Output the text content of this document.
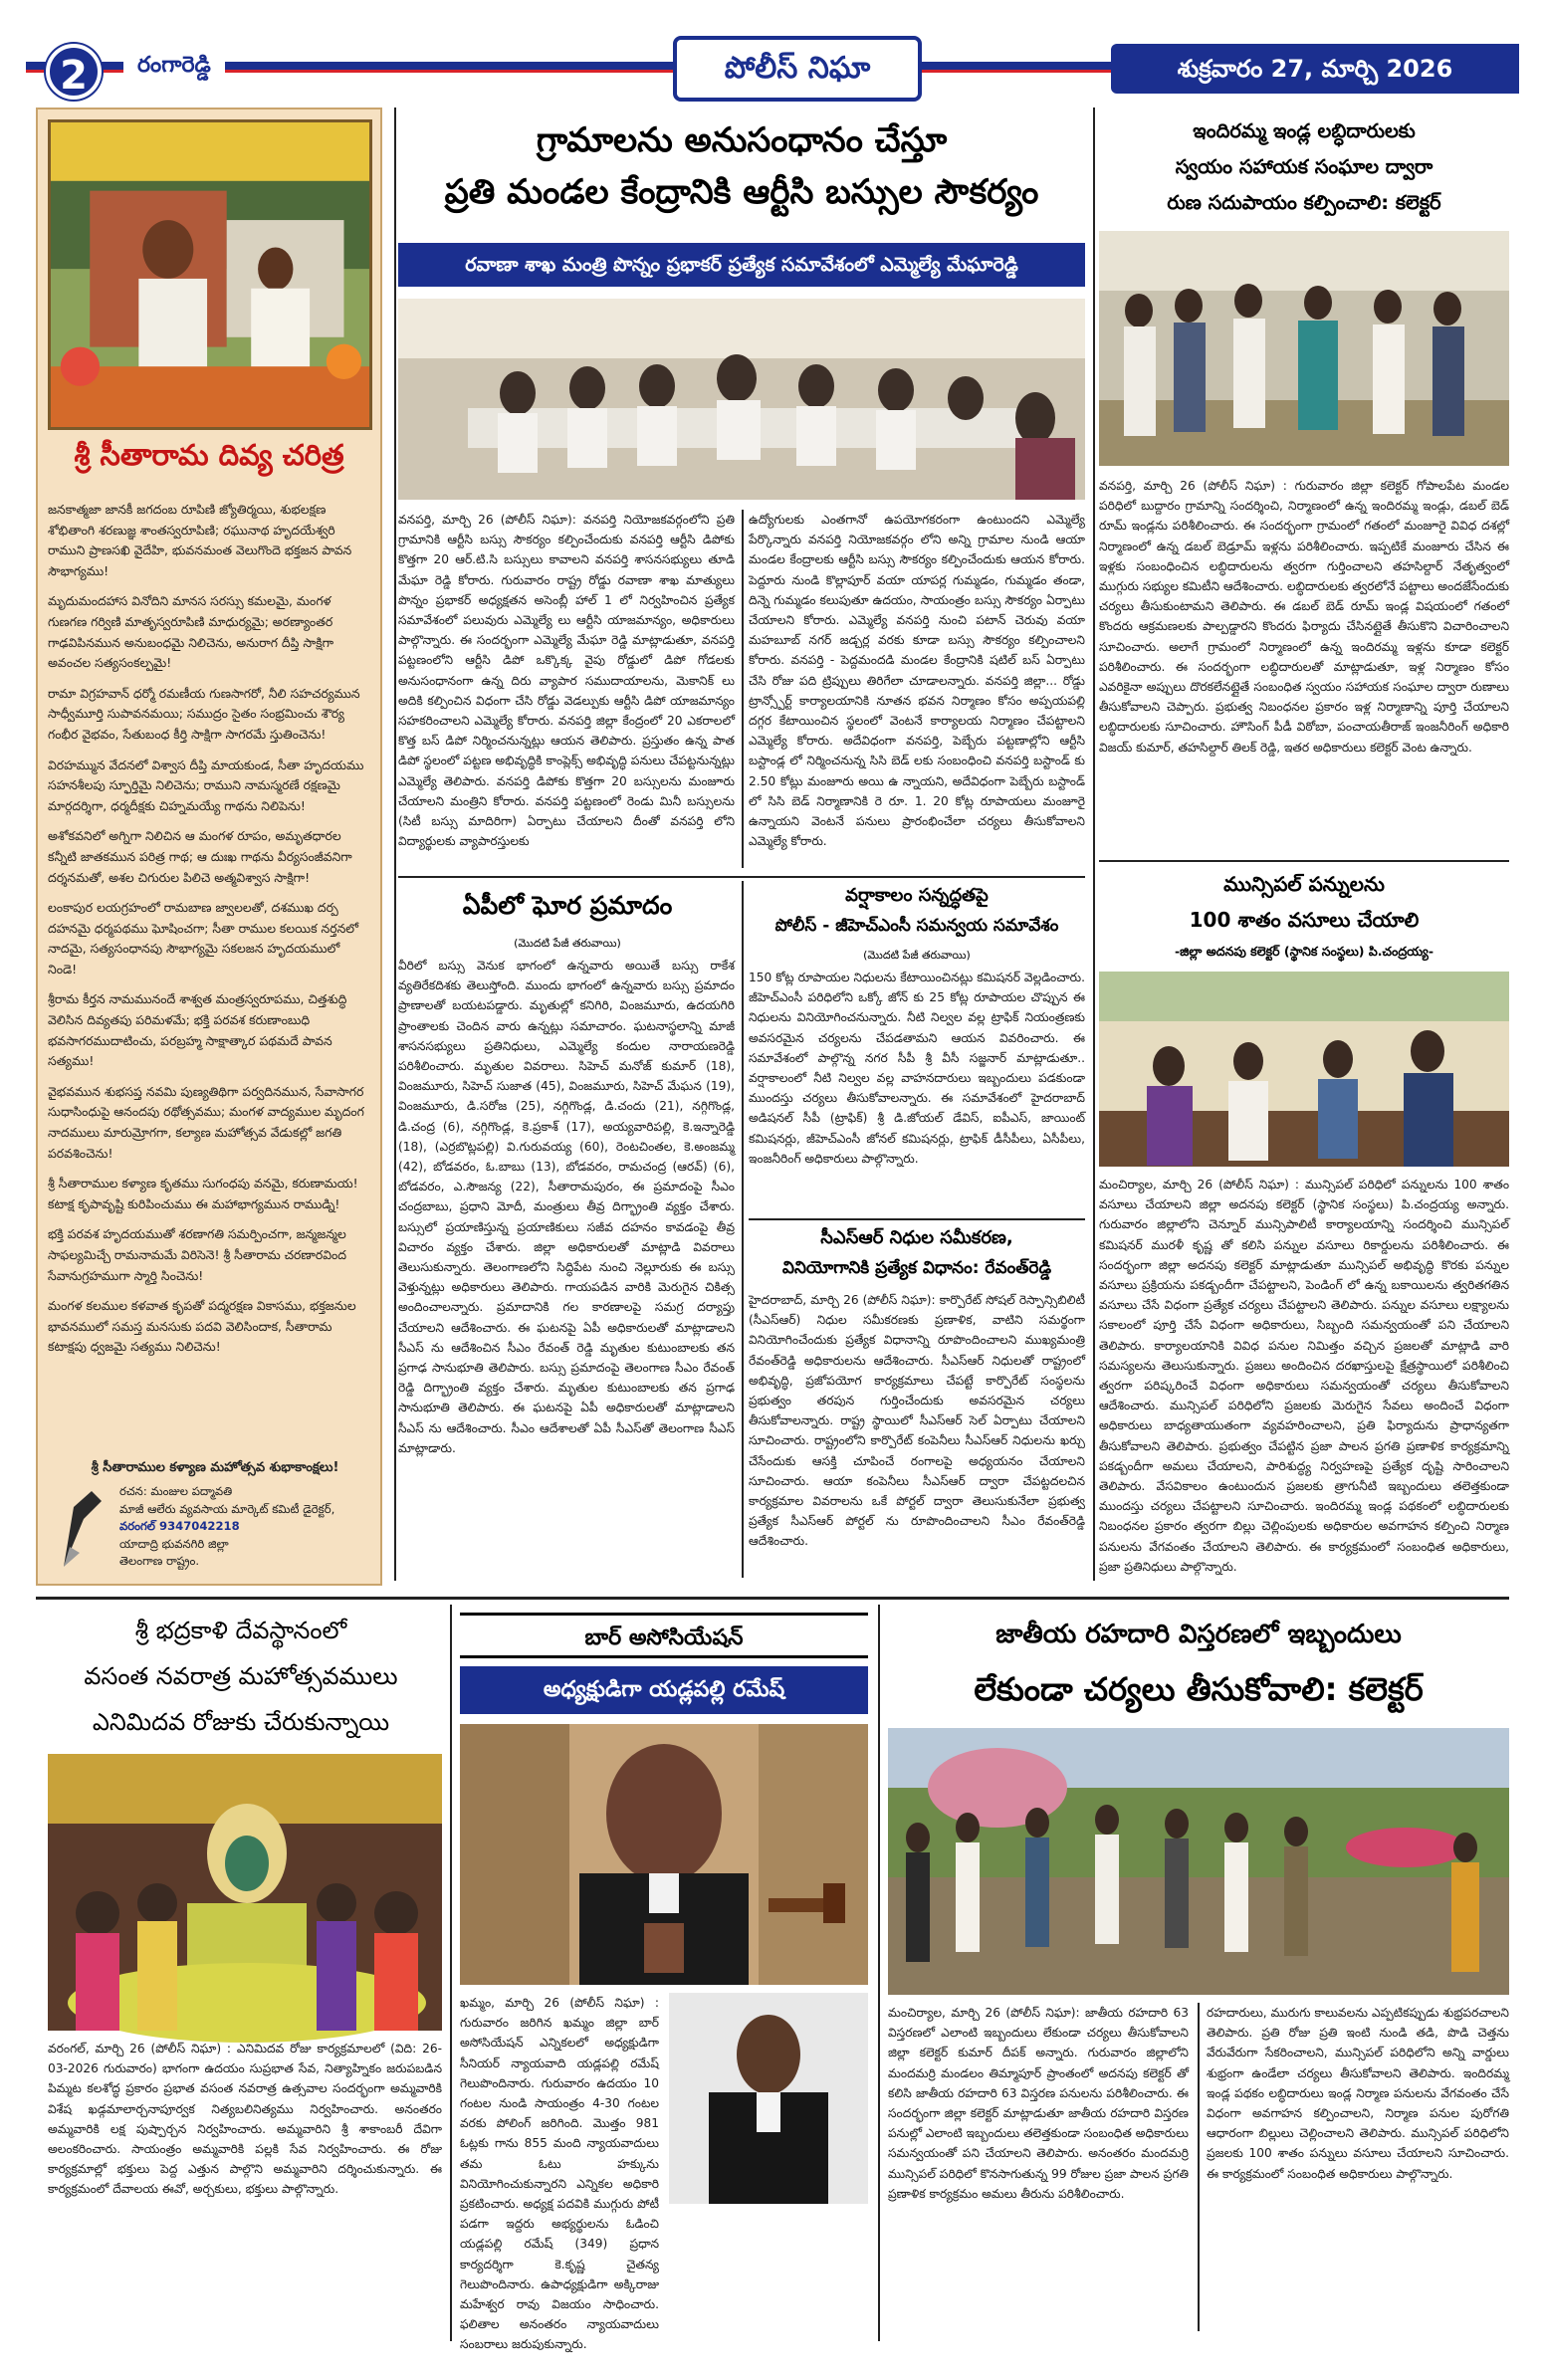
2	రంగారెడ్డి	పోలీస్ నిఘా	శుక్రవారం 27, మార్చి 2026
శ్రీ సీతారామ దివ్య చరిత్ర

జనకాత్మజా జానకీ జగదంబ రూపిణి జ్యోతిర్మయి, శుభలక్షణ శోభితాంగి శరణుజ్ఞ శాంతస్వరూపిణి; రఘునాథ హృదయేశ్వరి రాముని ప్రాణసఖి వైదేహి, భువనమంత వెలుగొందె భక్తజన పావన సౌభాగ్యము!

మృదుమందహాస వినోదిని మానస సరస్సు కమలమై, మంగళ గుణగణ గర్విణి మాతృస్వరూపిణి మాధుర్యమై; అరణ్యాంతర గాఢవిపినమున అనుబంధమై నిలిచెను, అనురాగ దీప్తి సాక్షిగా అవంచల సత్యసంకల్పమై!

రామా విగ్రహవాన్ ధర్మో రమణీయ గుణసాగరో, నీలి సహచర్యమున సాధ్వీమూర్తి సుపావనమయి; సముద్రం సైతం సంభ్రమించు శౌర్య గంభీర వైభవం, సేతుబంధ కీర్తి సాక్షిగా సాగరమే స్తుతించెను!

విరహమ్మున వేదనలో విశ్వాస దీప్తి మాయకుండ, సీతా హృదయము సహనశీలపు స్ఫూర్తిమై నిలిచెను; రాముని నామస్మరణే రక్షణమై మార్గదర్శిగా, ధర్మదీక్షకు చిహ్నమయ్యే గాథను నిలిపెను!

అశోకవనిలో అగ్నిగా నిలిచిన ఆ మంగళ రూపం, అమృతధారల కన్నీటి జాతకమున పరిత్ర గాథ; ఆ దుఃఖ గాథను వీర్యసంజీవనిగా దర్శనమతో, అశల చిగురుల పిలిచె అత్మవిశ్వాస సాక్షిగా!

లంకాపుర లయగ్రహంలో రామబాణ జ్వాలలతో, దశముఖ దర్ప దహనమై ధర్మపథము ఘోషించగా; సీతా రాముల కలయిక నర్తనలో నాదమై, సత్యసంధానపు సౌభాగ్యమై సకలజన హృదయములో నిండె!

శ్రీరామ కీర్తన నామమునందే శాశ్వత మంత్రస్వరూపము, చిత్తశుద్ధి వెలిసిన దివ్యతపు పరిమళమే; భక్తి పరవశ కరుణాంబుధి భవసాగరముదాటించు, పరబ్రహ్మ సాక్షాత్కార పథమదే పావన సత్యము!

వైభవమున శుభసప్త నవమి పుణ్యతిథిగా పర్వదినమున, సేవాసాగర సుధాసింధుపై ఆనందపు రథోత్సవము; మంగళ వాద్యముల మృదంగ నాదములు మారుమ్రోగగా, కల్యాణ మహోత్సవ వేడుకల్లో జగతి పరవశించెను!

శ్రీ సీతారాముల కళ్యాణ కృతము సుగంధపు వనమై, కరుణామయ! కటాక్ష కృపావృష్టి కురిపించుము ఈ మహాభాగ్యమున రాముడ్ని!

భక్తి పరవశ హృదయముతో శరణాగతి సమర్పించగా, జన్మజన్మల సాఫల్యమిచ్చే రామనామమే విరిసెనె! శ్రీ సీతారామ చరణారవింద సేవానుగ్రహముగా స్మార్తి సించెను!

మంగళ కలముల కళవాత కృపతో పద్మరక్షణ వికాసము, భక్తజనుల భావనములో సమస్త మనసుకు పదవి వెలిసిందాక, సీతారామ కటాక్షపు ధ్వజమై సత్యము నిలిచెను!

శ్రీ సీతారాముల కళ్యాణ మహోత్సవ శుభాకాంక్షలు!
రచన: మంజుల పద్మావతి
మాజీ ఆలేరు వ్యవసాయ మార్కెట్ కమిటీ డైరెక్టర్,
వరంగల్ 9347042218
యాదాద్రి భువనగిరి జిల్లా
తెలంగాణ రాష్ట్రం.
గ్రామాలను అనుసంధానం చేస్తూ
ప్రతి మండల కేంద్రానికి ఆర్టీసి బస్సుల సౌకర్యం
రవాణా శాఖ మంత్రి పొన్నం ప్రభాకర్ ప్రత్యేక సమావేశంలో ఎమ్మెల్యే మేఘారెడ్డి
వనపర్తి, మార్చి 26 (పోలీస్ నిఘా): వనపర్తి నియోజకవర్గంలోని ప్రతి గ్రామానికి ఆర్టీసి బస్సు సౌకర్యం కల్పించేందుకు వనపర్తి ఆర్టీసి డిపోకు కొత్తగా 20 ఆర్.టి.సి బస్సులు కావాలని వనపర్తి శాసనసభ్యులు తూడి మేఘా రెడ్డి కోరారు. గురువారం రాష్ట్ర రోడ్డు రవాణా శాఖ మాత్యులు పొన్నం ప్రభాకర్ అధ్యక్షతన అసెంబ్లీ హాల్ 1 లో నిర్వహించిన ప్రత్యేక సమావేశంలో పలువురు ఎమ్మెల్యే లు ఆర్టీసి యాజమాన్యం, అధికారులు పాల్గొన్నారు. ఈ సందర్భంగా ఎమ్మెల్యే మేఘా రెడ్డి మాట్లాడుతూ, వనపర్తి పట్టణంలోని ఆర్టీసి డిపో ఒక్కొక్క వైపు రోడ్డులో డిపో గోడలకు అనుసంధానంగా ఉన్న దిరు వ్యాపార సముదాయాలను, మెకానిక్ లు అదికి కల్పించిన విధంగా చేసి రోడ్డు వెడల్పుకు ఆర్టీసి డిపో యాజమాన్యం సహకరించాలని ఎమ్మెల్యే కోరారు. వనపర్తి జిల్లా కేంద్రంలో 20 ఎకరాలలో కొత్త బస్ డిపో నిర్మించనున్నట్లు ఆయన తెలిపారు. ప్రస్తుతం ఉన్న పాత డిపో స్థలంలో పట్టణ అభివృద్ధికి కాంప్లెక్స్ అభివృద్ధి పనులు చేపట్టనున్నట్లు ఎమ్మెల్యే తెలిపారు. వనపర్తి డిపోకు కొత్తగా 20 బస్సులను మంజూరు చేయాలని మంత్రిని కోరారు. వనపర్తి పట్టణంలో రెండు మినీ బస్సులను (సిటీ బస్సు మాదిరిగా) ఏర్పాటు చేయాలని దీంతో వనపర్తి లోని విద్యార్థులకు వ్యాపారస్తులకు
ఉద్యోగులకు ఎంతగానో ఉపయోగకరంగా ఉంటుందని ఎమ్మెల్యే పేర్కొన్నారు వనపర్తి నియోజకవర్గం లోని అన్ని గ్రామాల నుండి ఆయా మండల కేంద్రాలకు ఆర్టీసి బస్సు సౌకర్యం కల్పించేందుకు ఆయన కోరారు. పెద్దూరు నుండి కొల్లాపూర్ వయా యాపర్ల గుమ్మడం, గుమ్మడం తండా, దిన్నె గుమ్మడం కలుపుతూ ఉదయం, సాయంత్రం బస్సు సౌకర్యం ఏర్పాటు చేయాలని కోరారు. ఎమ్మెల్యే వనపర్తి నుంచి పటాన్ చెరువు వయా మహబూబ్ నగర్ జడ్చర్ల వరకు కూడా బస్సు సౌకర్యం కల్పించాలని కోరారు. వనపర్తి - పెద్దమందడి మండల కేంద్రానికి షటిల్ బస్ ఏర్పాటు చేసి రోజు పది ట్రిప్పులు తిరిగేలా చూడాలన్నారు. వనపర్తి జిల్లా... రోడ్డు ట్రాన్స్పోర్ట్ కార్యాలయానికి నూతన భవన నిర్మాణం కోసం అప్పయపల్లి దగ్గర కేటాయించిన స్థలంలో వెంటనే కార్యాలయ నిర్మాణం చేపట్టాలని ఎమ్మెల్యే కోరారు. అదేవిధంగా వనపర్తి, పెబ్బేరు పట్టణాల్లోని ఆర్టీసి బస్టాండ్ల లో నిర్మించనున్న సిసి బెడ్ లకు సంబంధించి వనపర్తి బస్టాండ్ కు 2.50 కోట్లు మంజూరు అయి ఉ న్నాయని, అదేవిధంగా పెబ్బేరు బస్టాండ్ లో సిసి బెడ్ నిర్మాణానికి రె రూ. 1. 20 కోట్ల రూపాయలు మంజూరై ఉన్నాయని వెంటనే పనులు ప్రారంభించేలా చర్యలు తీసుకోవాలని ఎమ్మెల్యే కోరారు.
ఇందిరమ్మ ఇండ్ల లబ్ధిదారులకు
స్వయం సహాయక సంఘాల ద్వారా
రుణ సదుపాయం కల్పించాలి: కలెక్టర్
వనపర్తి, మార్చి 26 (పోలీస్ నిఘా) : గురువారం జిల్లా కలెక్టర్ గోపాలపేట మండల పరిధిలో బుద్దారం గ్రామాన్ని సందర్శించి, నిర్మాణంలో ఉన్న ఇందిరమ్మ ఇండ్లు, డబల్ బెడ్ రూమ్ ఇండ్లను పరిశీలించారు. ఈ సందర్భంగా గ్రామంలో గతంలో మంజూరై వివిధ దశల్లో నిర్మాణంలో ఉన్న డబల్ బెడ్రూమ్ ఇళ్లను పరిశీలించారు. ఇప్పటికే మంజూరు చేసిన ఈ ఇళ్లకు సంబంధించిన లబ్ధిదారులను త్వరగా గుర్తించాలని తహసిల్దార్ నేతృత్వంలో ముగ్గురు సభ్యుల కమిటీని ఆదేశించారు. లబ్ధిదారులకు త్వరలోనే పట్టాలు అందజేసేందుకు చర్యలు తీసుకుంటామని తెలిపారు. ఈ డబల్ బెడ్ రూమ్ ఇండ్ల విషయంలో గతంలో కొందరు ఆక్రమణలకు పాల్పడ్డారని కొందరు ఫిర్యాదు చేసినట్లైతే తీసుకొని విచారించాలని సూచించారు. అలాగే గ్రామంలో నిర్మాణంలో ఉన్న ఇందిరమ్మ ఇళ్లను కూడా కలెక్టర్ పరిశీలించారు. ఈ సందర్భంగా లబ్ధిదారులతో మాట్లాడుతూ, ఇళ్ల నిర్మాణం కోసం ఎవరికైనా అప్పులు దొరకలేనట్లైతే సంబంధిత స్వయం సహాయక సంఘాల ద్వారా రుణాలు తీసుకోవాలని చెప్పారు. ప్రభుత్వ నిబంధనల ప్రకారం ఇళ్ల నిర్మాణాన్ని పూర్తి చేయాలని లబ్ధిదారులకు సూచించారు. హౌసింగ్ పీడీ విఠోబా, పంచాయతీరాజ్ ఇంజనీరింగ్ అధికారి విజయ్ కుమార్, తహసిల్దార్ తిలక్ రెడ్డి, ఇతర అధికారులు కలెక్టర్ వెంట ఉన్నారు.
మున్సిపల్ పన్నులను
100 శాతం వసూలు చేయాలి
-జిల్లా అదనపు కలెక్టర్ (స్థానిక సంస్థలు) పి.చంద్రయ్య-
మంచిర్యాల, మార్చి 26 (పోలీస్ నిఘా) : మున్సిపల్ పరిధిలో పన్నులను 100 శాతం వసూలు చేయాలని జిల్లా అదనపు కలెక్టర్ (స్థానిక సంస్థలు) పి.చంద్రయ్య అన్నారు. గురువారం జిల్లాలోని చెన్నూర్ మున్సిపాలిటీ కార్యాలయాన్ని సందర్శించి మున్సిపల్ కమిషనర్ మురళీ కృష్ణ తో కలిసి పన్నుల వసూలు రికార్డులను పరిశీలించారు. ఈ సందర్భంగా జిల్లా అదనపు కలెక్టర్ మాట్లాడుతూ మున్సిపల్ అభివృద్ధి కొరకు పన్నుల వసూలు ప్రక్రియను పకడ్బందీగా చేపట్టాలని, పెండింగ్ లో ఉన్న బకాయిలను త్వరితగతిన వసూలు చేసే విధంగా ప్రత్యేక చర్యలు చేపట్టాలని తెలిపారు. పన్నుల వసూలు లక్ష్యాలను సకాలంలో పూర్తి చేసే విధంగా అధికారులు, సిబ్బంది సమన్వయంతో పని చేయాలని తెలిపారు. కార్యాలయానికి వివిధ పనుల నిమిత్తం వచ్చిన ప్రజలతో మాట్లాడి వారి సమస్యలను తెలుసుకున్నారు. ప్రజలు అందించిన దరఖాస్తులపై క్షేత్రస్థాయిలో పరిశీలించి త్వరగా పరిష్కరించే విధంగా అధికారులు సమన్వయంతో చర్యలు తీసుకోవాలని ఆదేశించారు. మున్సిపల్ పరిధిలోని ప్రజలకు మెరుగైన సేవలు అందించే విధంగా అధికారులు బాధ్యతాయుతంగా వ్యవహరించాలని, ప్రతి ఫిర్యాదును ప్రాధాన్యతగా తీసుకోవాలని తెలిపారు. ప్రభుత్వం చేపట్టిన ప్రజా పాలన ప్రగతి ప్రణాళిక కార్యక్రమాన్ని పకడ్బందీగా అమలు చేయాలని, పారిశుద్ధ్య నిర్వహణపై ప్రత్యేక దృష్టి సారించాలని తెలిపారు. వేసవికాలం ఉంటుందున ప్రజలకు త్రాగునీటి ఇబ్బందులు తలెత్తకుండా ముందస్తు చర్యలు చేపట్టాలని సూచించారు. ఇందిరమ్మ ఇండ్ల పథకంలో లబ్ధిదారులకు నిబంధనల ప్రకారం త్వరగా బిల్లు చెల్లింపులకు అధికారుల అవగాహన కల్పించి నిర్మాణ పనులను వేగవంతం చేయాలని తెలిపారు. ఈ కార్యక్రమంలో సంబంధిత అధికారులు, ప్రజా ప్రతినిధులు పాల్గొన్నారు.
ఏపీలో ఘోర ప్రమాదం
(మొదటి పేజీ తరువాయి)
వీరిలో బస్సు వెనుక భాగంలో ఉన్నవారు అయితే బస్సు రాకేశ వ్యతిరేకదిశకు తెలుస్తోంది. ముందు భాగంలో ఉన్నవారు బస్సు ప్రమాదం ప్రాణాలతో బయటపడ్డారు. మృతుల్లో కనిగిరి, వింజమూరు, ఉదయగిరి ప్రాంతాలకు చెందిన వారు ఉన్నట్లు సమాచారం. ఘటనాస్థలాన్ని మాజీ శాసనసభ్యులు ప్రతినిధులు, ఎమ్మెల్యే కందుల నారాయణరెడ్డి పరిశీలించారు. మృతుల వివరాలు. సిహెచ్ మనోజ్ కుమార్ (18), వింజమూరు, సిహెచ్ సుజాత (45), వింజమూరు, సిహెచ్ మేఘన (19), వింజమూరు, డి.సరోజ (25), నగ్గిగొండ్ల, డి.చందు (21), నగ్గిగొండ్ల, డి.చంద్ర (6), నగ్గిగొండ్ల, కె.ప్రకాశ్ (17), అయ్యవారిపల్లి, కె.ఇన్నారెడ్డి (18), (ఎర్రబొట్లపల్లి) వి.గురువయ్య (60), రెంటచింతల, కె.అంజమ్మ (42), బోడవరం, ఓ.బాబు (13), బోడవరం, రామచంద్ర (ఆరవ్) (6), బోడవరం, ఎ.సౌజన్య (22), సీతారామపురం, ఈ ప్రమాదంపై సీఎం చంద్రబాబు, ప్రధాని మోదీ, మంత్రులు తీవ్ర దిగ్భ్రాంతి వ్యక్తం చేశారు. బస్సులో ప్రయాణిస్తున్న ప్రయాణికులు సజీవ దహనం కావడంపై తీవ్ర విచారం వ్యక్తం చేశారు. జిల్లా అధికారులతో మాట్లాడి వివరాలు తెలుసుకున్నారు. తెలంగాణలోని సిద్ధిపేట నుంచి నెల్లూరుకు ఈ బస్సు వెళ్తున్నట్లు అధికారులు తెలిపారు. గాయపడిన వారికి మెరుగైన చికిత్స అందించాలన్నారు. ప్రమాదానికి గల కారణాలపై సమగ్ర దర్యాప్తు చేయాలని ఆదేశించారు. ఈ ఘటనపై ఏపీ అధికారులతో మాట్లాడాలని సీఎస్ ను ఆదేశించిన సీఎం రేవంత్ రెడ్డి మృతుల కుటుంబాలకు తన ప్రగాఢ సానుభూతి తెలిపారు. బస్సు ప్రమాదంపై తెలంగాణ సీఎం రేవంత్ రెడ్డి దిగ్భ్రాంతి వ్యక్తం చేశారు. మృతుల కుటుంబాలకు తన ప్రగాఢ సానుభూతి తెలిపారు. ఈ ఘటనపై ఏపీ అధికారులతో మాట్లాడాలని సీఎస్ ను ఆదేశించారు. సీఎం ఆదేశాలతో ఏపీ సీఎస్‌తో తెలంగాణ సీఎస్ మాట్లాడారు.
వర్షాకాలం సన్నద్ధతపై
పోలీస్ - జీహెచ్ఎంసీ సమన్వయ సమావేశం
(మొదటి పేజీ తరువాయి)
150 కోట్ల రూపాయల నిధులను కేటాయించినట్లు కమిషనర్ వెల్లడించారు. జీహెచ్ఎంసీ పరిధిలోని ఒక్కో జోన్ కు 25 కోట్ల రూపాయల చొప్పున ఈ నిధులను వినియోగించనున్నారు. నీటి నిల్వల వల్ల ట్రాఫిక్ నియంత్రణకు అవసరమైన చర్యలను చేపడతామని ఆయన వివరించారు. ఈ సమావేశంలో పాల్గొన్న నగర సీపీ శ్రీ వీసీ సజ్జనార్ మాట్లాడుతూ.. వర్షాకాలంలో నీటి నిల్వల వల్ల వాహనదారులు ఇబ్బందులు పడకుండా ముందస్తు చర్యలు తీసుకోవాలన్నారు. ఈ సమావేశంలో హైదరాబాద్ అడిషనల్ సీపీ (ట్రాఫిక్) శ్రీ డి.జోయల్ డేవిస్, ఐపీఎస్, జాయింట్ కమిషనర్లు, జీహెచ్ఎంసీ జోనల్ కమిషనర్లు, ట్రాఫిక్ డీసీపీలు, ఏసీపీలు, ఇంజనీరింగ్ అధికారులు పాల్గొన్నారు.
సీఎస్ఆర్ నిధుల సమీకరణ,
వినియోగానికి ప్రత్యేక విధానం: రేవంత్‌రెడ్డి
హైదరాబాద్, మార్చి 26 (పోలీస్ నిఘా): కార్పొరేట్ సోషల్ రెస్పాన్సిబిలిటీ (సీఎస్ఆర్) నిధుల సమీకరణకు ప్రణాళిక, వాటిని సమర్థంగా వినియోగించేందుకు ప్రత్యేక విధానాన్ని రూపొందించాలని ముఖ్యమంత్రి రేవంత్‌రెడ్డి అధికారులను ఆదేశించారు. సీఎస్ఆర్ నిధులతో రాష్ట్రంలో అభివృద్ధి, ప్రజోపయోగ కార్యక్రమాలు చేపట్టే కార్పొరేట్ సంస్థలను ప్రభుత్వం తరపున గుర్తించేందుకు అవసరమైన చర్యలు తీసుకోవాలన్నారు. రాష్ట్ర స్థాయిలో సీఎస్ఆర్ సెల్ ఏర్పాటు చేయాలని సూచించారు. రాష్ట్రంలోని కార్పొరేట్ కంపెనీలు సీఎస్ఆర్ నిధులను ఖర్చు చేసేందుకు ఆసక్తి చూపించే రంగాలపై అధ్యయనం చేయాలని సూచించారు. ఆయా కంపెనీలు సీఎస్ఆర్ ద్వారా చేపట్టదలచిన కార్యక్రమాల వివరాలను ఒకే పోర్టల్ ద్వారా తెలుసుకునేలా ప్రభుత్వ ప్రత్యేక సీఎస్ఆర్ పోర్టల్ ను రూపొందించాలని సీఎం రేవంత్‌రెడ్డి ఆదేశించారు.
శ్రీ భద్రకాళి దేవస్థానంలో
వసంత నవరాత్ర మహోత్సవములు
ఎనిమిదవ రోజుకు చేరుకున్నాయి
వరంగల్, మార్చి 26 (పోలీస్ నిఘా) : ఎనిమిదవ రోజు కార్యక్రమాలలో (విది: 26-03-2026 గురువారం) భాగంగా ఉదయం సుప్రభాత సేవ, నిత్యాహ్నికం జరుపబడిన పిమ్మట కలశోద్ధ ప్రకారం ప్రభాత వసంత నవరాత్ర ఉత్సవాల సందర్భంగా అమ్మవారికి విశేష ఖడ్గమాలార్చనాపూర్వక నిత్యబలినిత్యము నిర్వహించారు. అనంతరం అమ్మవారికి లక్ష పుష్పార్చన నిర్వహించారు. అమ్మవారిని శ్రీ శాకాంబరీ దేవిగా అలంకరించారు. సాయంత్రం అమ్మవారికి పల్లకి సేవ నిర్వహించారు. ఈ రోజు కార్యక్రమాల్లో భక్తులు పెద్ద ఎత్తున పాల్గొని అమ్మవారిని దర్శించుకున్నారు. ఈ కార్యక్రమంలో దేవాలయ ఈవో, అర్చకులు, భక్తులు పాల్గొన్నారు.
బార్ అసోసియేషన్
అధ్యక్షుడిగా యడ్లపల్లి రమేష్
ఖమ్మం, మార్చి 26 (పోలీస్ నిఘా) : గురువారం జరిగిన ఖమ్మం జిల్లా బార్ అసోసియేషన్ ఎన్నికలలో అధ్యక్షుడిగా సీనియర్ న్యాయవాది యడ్లపల్లి రమేష్ గెలుపొందినారు. గురువారం ఉదయం 10 గంటల నుండి సాయంత్రం 4-30 గంటల వరకు పోలింగ్ జరిగింది. మొత్తం 981 ఓట్లకు గాను 855 మంది న్యాయవాదులు తమ ఓటు హక్కును వినియోగించుకున్నారని ఎన్నికల అధికారి ప్రకటించారు. అధ్యక్ష పదవికి ముగ్గురు పోటీ పడగా ఇద్దరు అభ్యర్థులను ఓడించి యడ్లపల్లి రమేష్ (349) ప్రధాన కార్యదర్శిగా కె.కృష్ణ చైతన్య గెలుపొందినారు. ఉపాధ్యక్షుడిగా అక్కిరాజు మహేశ్వర రావు విజయం సాధించారు. ఫలితాల అనంతరం న్యాయవాదులు సంబరాలు జరుపుకున్నారు.
జాతీయ రహదారి విస్తరణలో ఇబ్బందులు
లేకుండా చర్యలు తీసుకోవాలి: కలెక్టర్
మంచిర్యాల, మార్చి 26 (పోలీస్ నిఘా): జాతీయ రహదారి 63 విస్తరణలో ఎలాంటి ఇబ్బందులు లేకుండా చర్యలు తీసుకోవాలని జిల్లా కలెక్టర్ కుమార్ దీపక్ అన్నారు. గురువారం జిల్లాలోని మందమర్రి మండలం తిమ్మాపూర్ ప్రాంతంలో అదనపు కలెక్టర్ తో కలిసి జాతీయ రహదారి 63 విస్తరణ పనులను పరిశీలించారు. ఈ సందర్భంగా జిల్లా కలెక్టర్ మాట్లాడుతూ జాతీయ రహదారి విస్తరణ పనుల్లో ఎలాంటి ఇబ్బందులు తలెత్తకుండా సంబంధిత అధికారులు సమన్వయంతో పని చేయాలని తెలిపారు. అనంతరం మందమర్రి మున్సిపల్ పరిధిలో కొనసాగుతున్న 99 రోజుల ప్రజా పాలన ప్రగతి ప్రణాళిక కార్యక్రమం అమలు తీరును పరిశీలించారు.
రహదారులు, మురుగు కాలువలను ఎప్పటికప్పుడు శుభ్రపరచాలని తెలిపారు. ప్రతి రోజు ప్రతి ఇంటి నుండి తడి, పొడి చెత్తను వేరువేరుగా సేకరించాలని, మున్సిపల్ పరిధిలోని అన్ని వార్డులు శుభ్రంగా ఉండేలా చర్యలు తీసుకోవాలని తెలిపారు. ఇందిరమ్మ ఇండ్ల పథకం లబ్ధిదారులు ఇండ్ల నిర్మాణ పనులను వేగవంతం చేసే విధంగా అవగాహన కల్పించాలని, నిర్మాణ పనుల పురోగతి ఆధారంగా బిల్లులు చెల్లించాలని తెలిపారు. మున్సిపల్ పరిధిలోని ప్రజలకు 100 శాతం పన్నులు వసూలు చేయాలని సూచించారు. ఈ కార్యక్రమంలో సంబంధిత అధికారులు పాల్గొన్నారు.
